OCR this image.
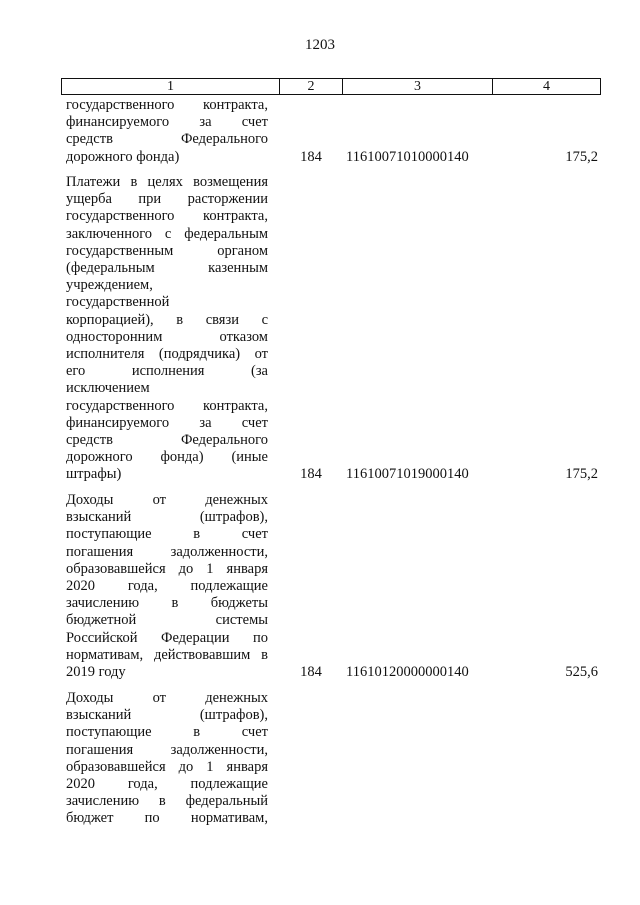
1203
1	2	3	4
государственного контракта,
финансируемого за счет
средств Федерального
дорожного фонда)	184	11610071010000140	175,2
Платежи в целях возмещения
ущерба при расторжении
государственного контракта,
заключенного с федеральным
государственным органом
(федеральным казенным
учреждением,
государственной
корпорацией), в связи с
односторонним отказом
исполнителя (подрядчика) от
его исполнения (за
исключением
государственного контракта,
финансируемого за счет
средств Федерального
дорожного фонда) (иные
штрафы)	184	11610071019000140	175,2
Доходы от денежных
взысканий (штрафов),
поступающие в счет
погашения задолженности,
образовавшейся до 1 января
2020 года, подлежащие
зачислению в бюджеты
бюджетной системы
Российской Федерации по
нормативам, действовавшим в
2019 году	184	11610120000000140	525,6
Доходы от денежных
взысканий (штрафов),
поступающие в счет
погашения задолженности,
образовавшейся до 1 января
2020 года, подлежащие
зачислению в федеральный
бюджет по нормативам,
